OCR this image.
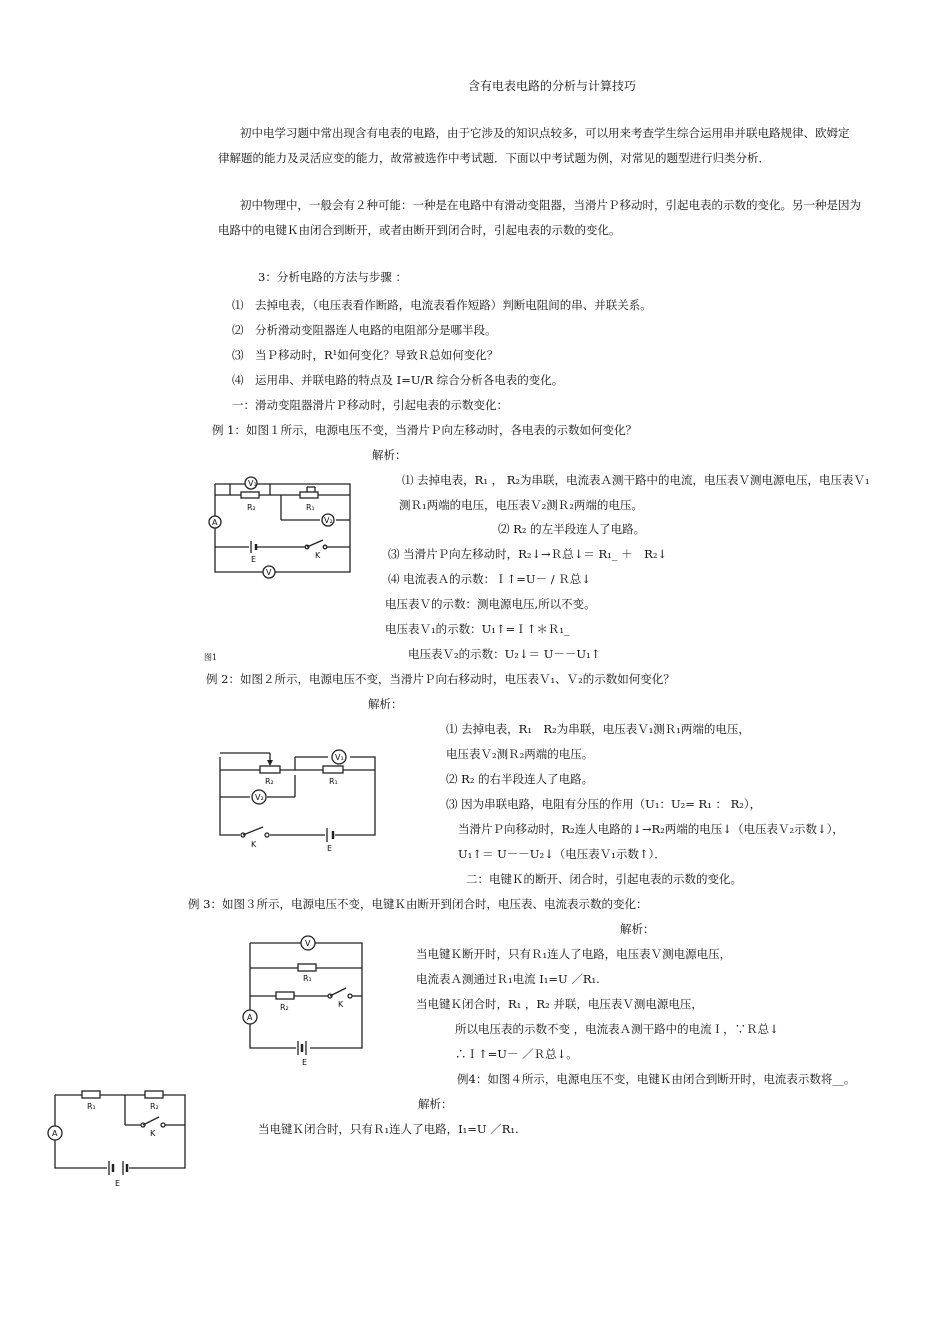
含有电表电路的分析与计算技巧
初中电学习题中常出现含有电表的电路，由于它涉及的知识点较多，可以用来考查学生综合运用串并联电路规律、欧姆定
律解题的能力及灵活应变的能力，故常被选作中考试题．下面以中考试题为例，对常见的题型进行归类分析．
初中物理中，一般会有２种可能：一种是在电路中有滑动变阻器，当滑片Ｐ移动时，引起电表的示数的变化。另一种是因为
电路中的电键Ｋ由闭合到断开，或者由断开到闭合时，引起电表的示数的变化。
3：分析电路的方法与步骤 ：
⑴　去掉电表，（电压表看作断路，电流表看作短路）判断电阻间的串、并联关系。
⑵　分析滑动变阻器连人电路的电阻部分是哪半段。
⑶　当Ｐ移动时，R¹如何变化？导致Ｒ总如何变化？
⑷　运用串、并联电路的特点及 I=U/R 综合分析各电表的变化。
一：滑动变阻器滑片Ｐ移动时，引起电表的示数变化：
例 1：如图１所示，电源电压不变，当滑片Ｐ向左移动时，各电表的示数如何变化？
解析：
⑴ 去掉电表，R₁ ， R₂为串联，电流表Ａ测干路中的电流，电压表Ｖ测电源电压，电压表Ｖ₁
测Ｒ₁两端的电压，电压表Ｖ₂测Ｒ₂两端的电压。
⑵ R₂ 的左半段连人了电路。
⑶ 当滑片Ｐ向左移动时，R₂↓→Ｒ总↓＝ R₁_ ＋　R₂↓
⑷ 电流表Ａ的示数：Ｉ↑=U－ / Ｒ总↓
电压表Ｖ的示数：测电源电压,所以不变。
电压表Ｖ₁的示数：U₁↑=Ｉ↑＊Ｒ₁_
电压表Ｖ₂的示数：U₂↓＝ U－－U₁↑
图1
V₁
V₂
A
E	K
V
R₂	R₁
例 2：如图２所示，电源电压不变，当滑片Ｐ向右移动时，电压表Ｖ₁、Ｖ₂的示数如何变化？
解析：
⑴ 去掉电表，R₁　R₂为串联，电压表Ｖ₁测Ｒ₁两端的电压，
电压表Ｖ₂测Ｒ₂两端的电压。
⑵ R₂ 的右半段连人了电路。
⑶ 因为串联电路，电阻有分压的作用（U₁：U₂= R₁ ： R₂），
当滑片Ｐ向移动时，R₂连人电路的↓→R₂两端的电压↓（电压表Ｖ₂示数↓），
U₁↑＝ U－－U₂↓（电压表Ｖ₁示数↑）．
二：电键Ｋ的断开、闭合时，引起电表的示数的变化。
V₁
V₂
R₂	R₁
K	E
例 3：如图３所示，电源电压不变，电键Ｋ由断开到闭合时，电压表、电流表示数的变化：
解析：
当电键Ｋ断开时，只有Ｒ₁连人了电路，电压表Ｖ测电源电压，
电流表Ａ测通过Ｒ₁电流 I₁=U ／R₁.
当电键Ｋ闭合时，R₁ ，R₂ 并联，电压表Ｖ测电源电压，
所以电压表的示数不变 ，电流表Ａ测干路中的电流Ｉ，∵Ｒ总↓
∴Ｉ↑=U－ ／Ｒ总↓。
V
R₁
R₂	K
A
E
例4：如图４所示，电源电压不变，电键Ｋ由闭合到断开时，电流表示数将__。
解析：
当电键Ｋ闭合时，只有Ｒ₁连人了电路，I₁=U ／R₁.
R₁	R₂
K
A
E
